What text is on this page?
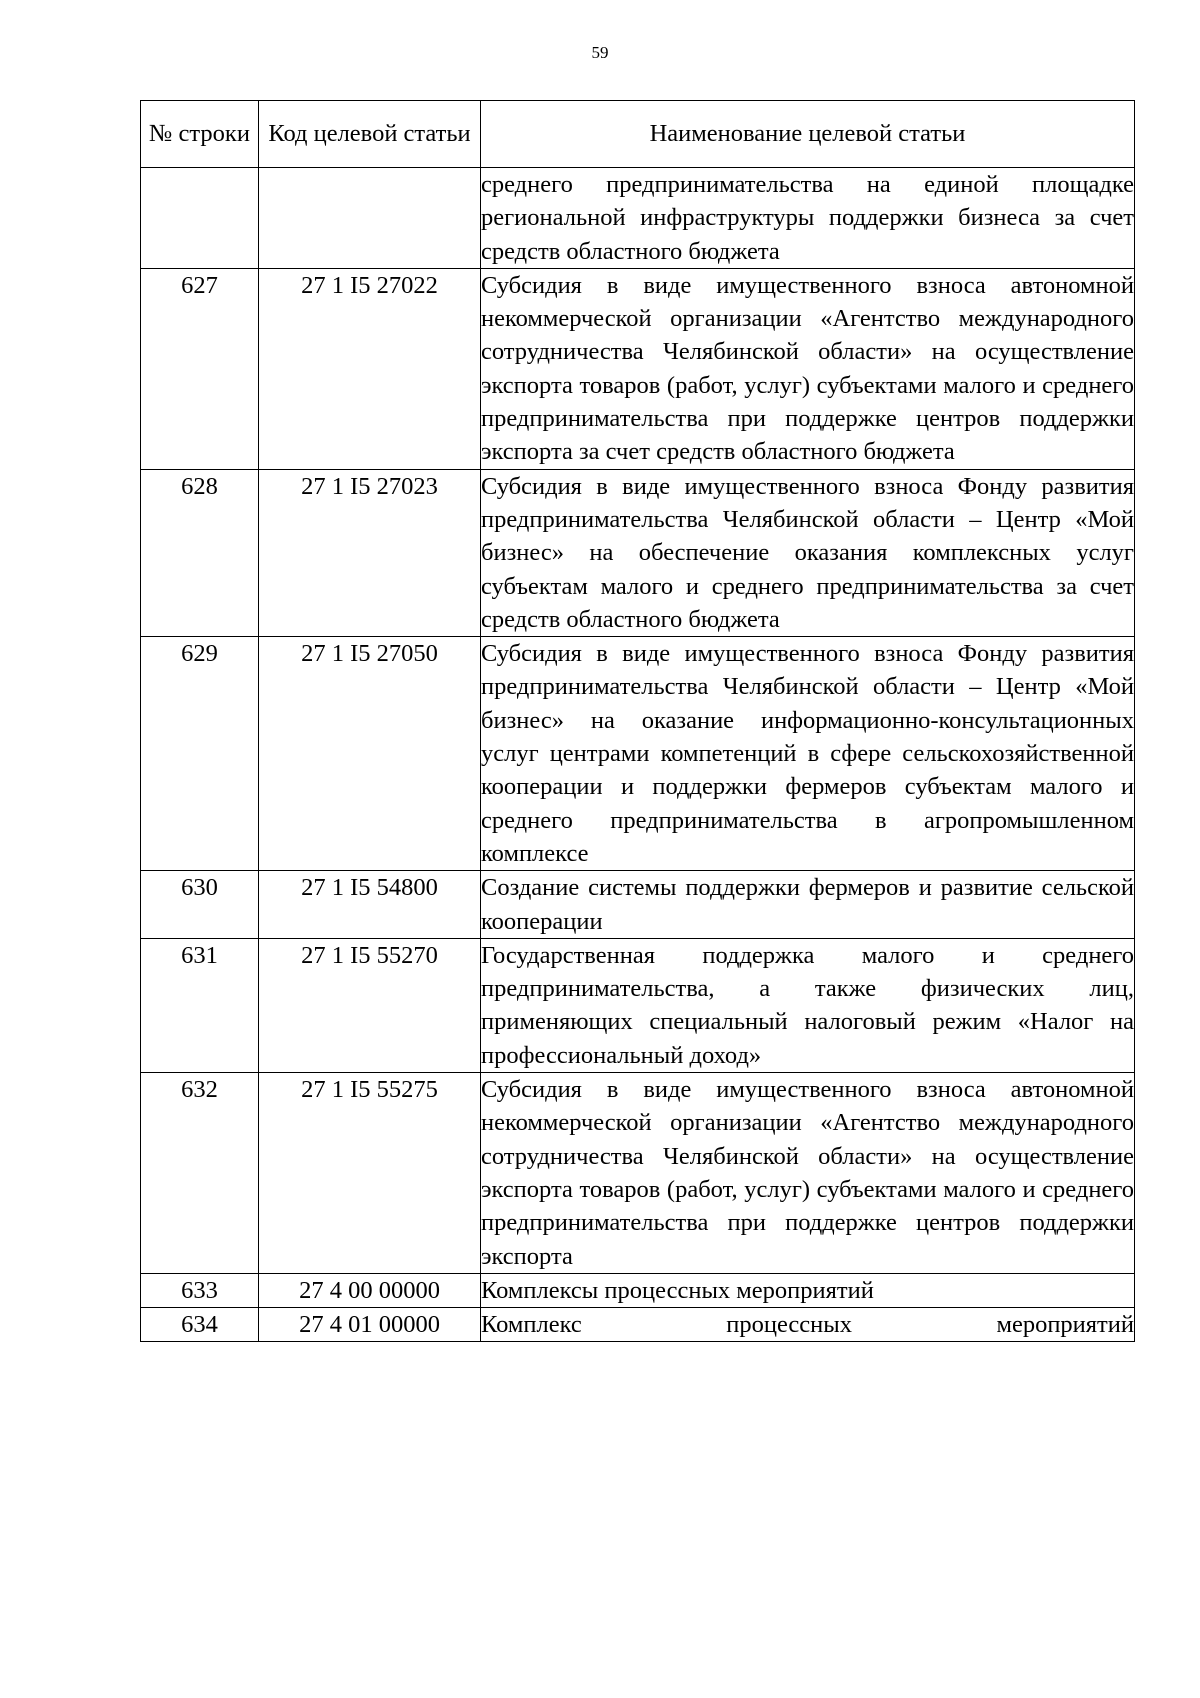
59
№ строки	Код целевой статьи	Наименование целевой статьи

		среднего предпринимательства на единой площадке региональной инфраструктуры поддержки бизнеса за счет средств областного бюджета

627	27 1 I5 27022	Субсидия в виде имущественного взноса автономной некоммерческой организации «Агентство международного сотрудничества Челябинской области» на осуществление экспорта товаров (работ, услуг) субъектами малого и среднего предпринимательства при поддержке центров поддержки экспорта за счет средств областного бюджета

628	27 1 I5 27023	Субсидия в виде имущественного взноса Фонду развития предпринимательства Челябинской области – Центр «Мой бизнес» на обеспечение оказания комплексных услуг субъектам малого и среднего предпринимательства за счет средств областного бюджета

629	27 1 I5 27050	Субсидия в виде имущественного взноса Фонду развития предпринимательства Челябинской области – Центр «Мой бизнес» на оказание информационно-консультационных услуг центрами компетенций в сфере сельскохозяйственной кооперации и поддержки фермеров субъектам малого и среднего предпринимательства в агропромышленном комплексе

630	27 1 I5 54800	Создание системы поддержки фермеров и развитие сельской кооперации

631	27 1 I5 55270	Государственная поддержка малого и среднего предпринимательства, а также физических лиц, применяющих специальный налоговый режим «Налог на профессиональный доход»

632	27 1 I5 55275	Субсидия в виде имущественного взноса автономной некоммерческой организации «Агентство международного сотрудничества Челябинской области» на осуществление экспорта товаров (работ, услуг) субъектами малого и среднего предпринимательства при поддержке центров поддержки экспорта

633	27 4 00 00000	Комплексы процессных мероприятий

634	27 4 01 00000	Комплекс процессных мероприятий
